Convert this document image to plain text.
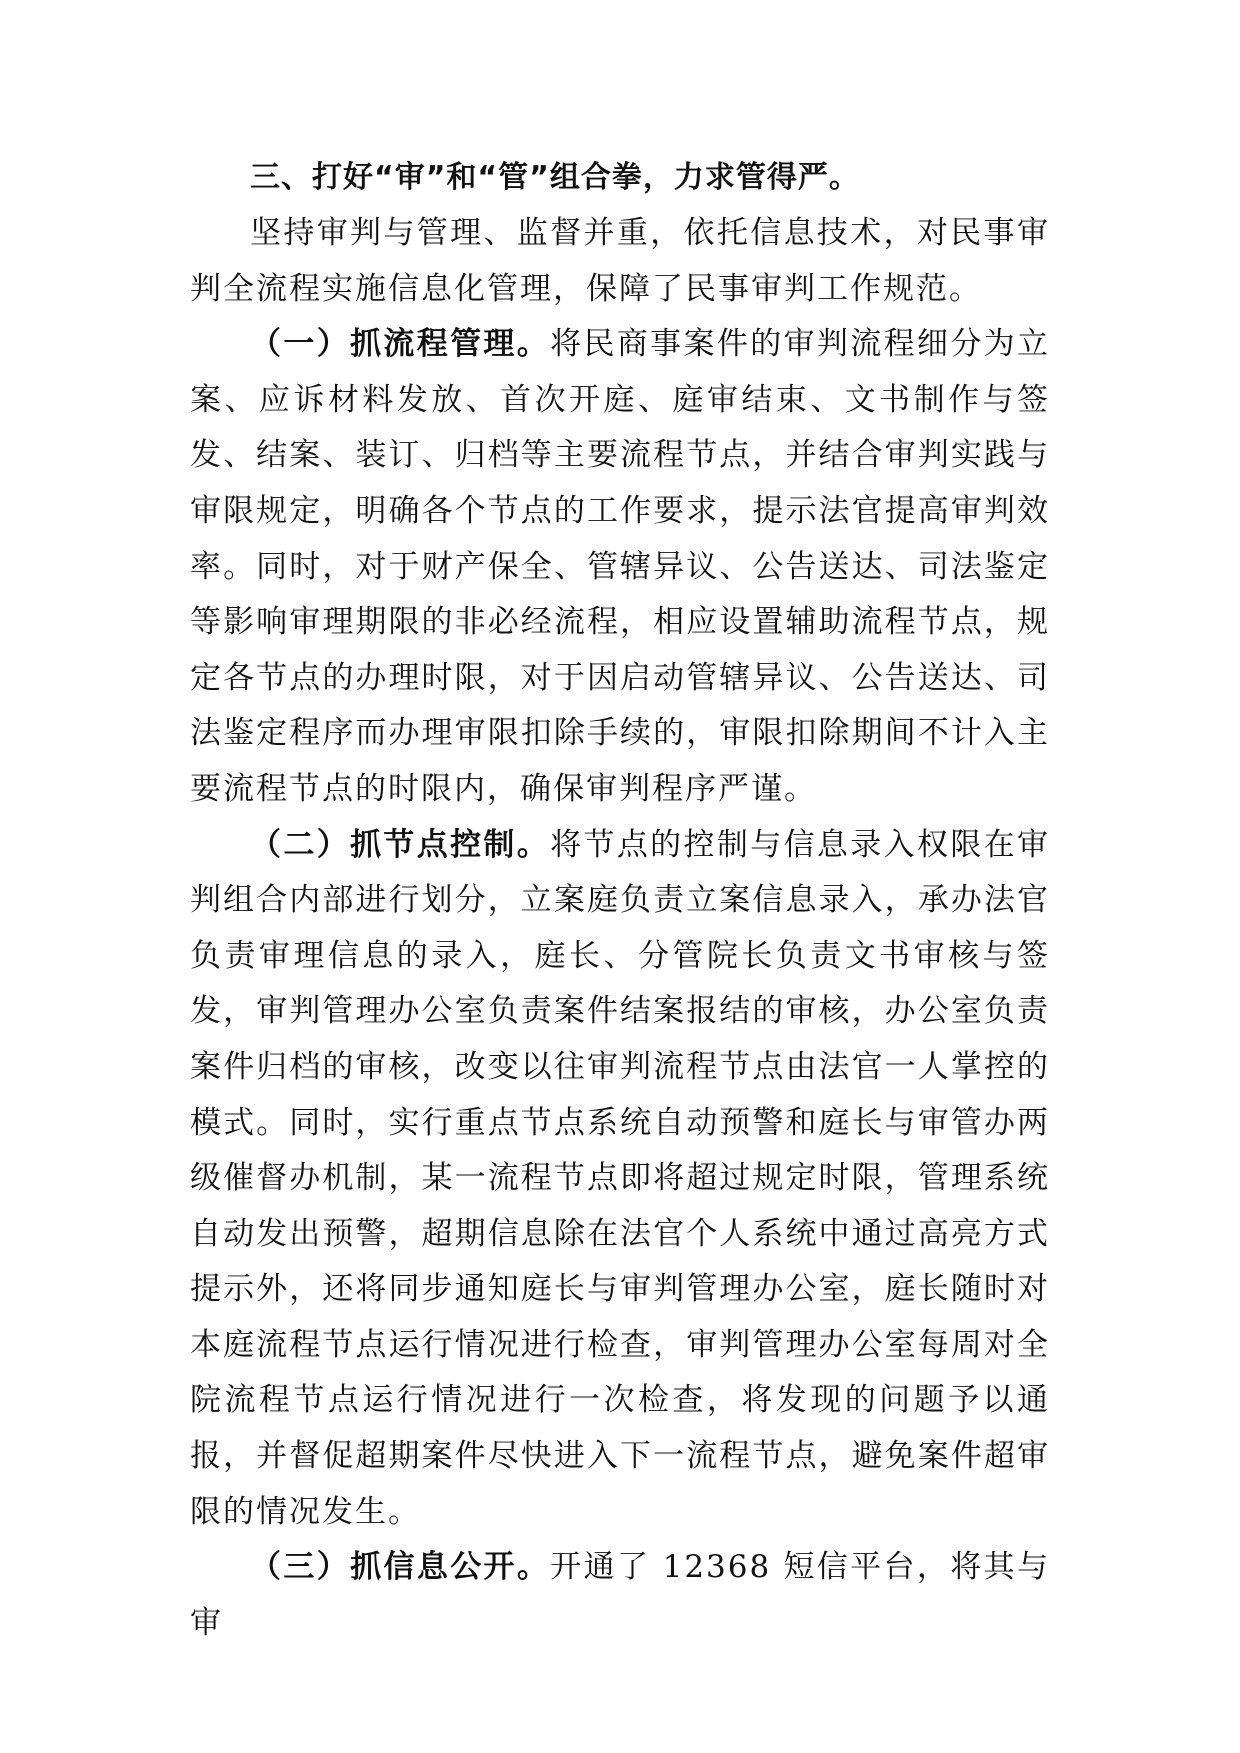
三、打好“审”和“管”组合拳，力求管得严。

坚持审判与管理、监督并重，依托信息技术，对民事审判全流程实施信息化管理，保障了民事审判工作规范。

（一）抓流程管理。将民商事案件的审判流程细分为立案、应诉材料发放、首次开庭、庭审结束、文书制作与签发、结案、装订、归档等主要流程节点，并结合审判实践与审限规定，明确各个节点的工作要求，提示法官提高审判效率。同时，对于财产保全、管辖异议、公告送达、司法鉴定等影响审理期限的非必经流程，相应设置辅助流程节点，规定各节点的办理时限，对于因启动管辖异议、公告送达、司法鉴定程序而办理审限扣除手续的，审限扣除期间不计入主要流程节点的时限内，确保审判程序严谨。

（二）抓节点控制。将节点的控制与信息录入权限在审判组合内部进行划分，立案庭负责立案信息录入，承办法官负责审理信息的录入，庭长、分管院长负责文书审核与签发，审判管理办公室负责案件结案报结的审核，办公室负责案件归档的审核，改变以往审判流程节点由法官一人掌控的模式。同时，实行重点节点系统自动预警和庭长与审管办两级催督办机制，某一流程节点即将超过规定时限，管理系统自动发出预警，超期信息除在法官个人系统中通过高亮方式提示外，还将同步通知庭长与审判管理办公室，庭长随时对本庭流程节点运行情况进行检查，审判管理办公室每周对全院流程节点运行情况进行一次检查，将发现的问题予以通报，并督促超期案件尽快进入下一流程节点，避免案件超审限的情况发生。

（三）抓信息公开。开通了 12368 短信平台，将其与审
